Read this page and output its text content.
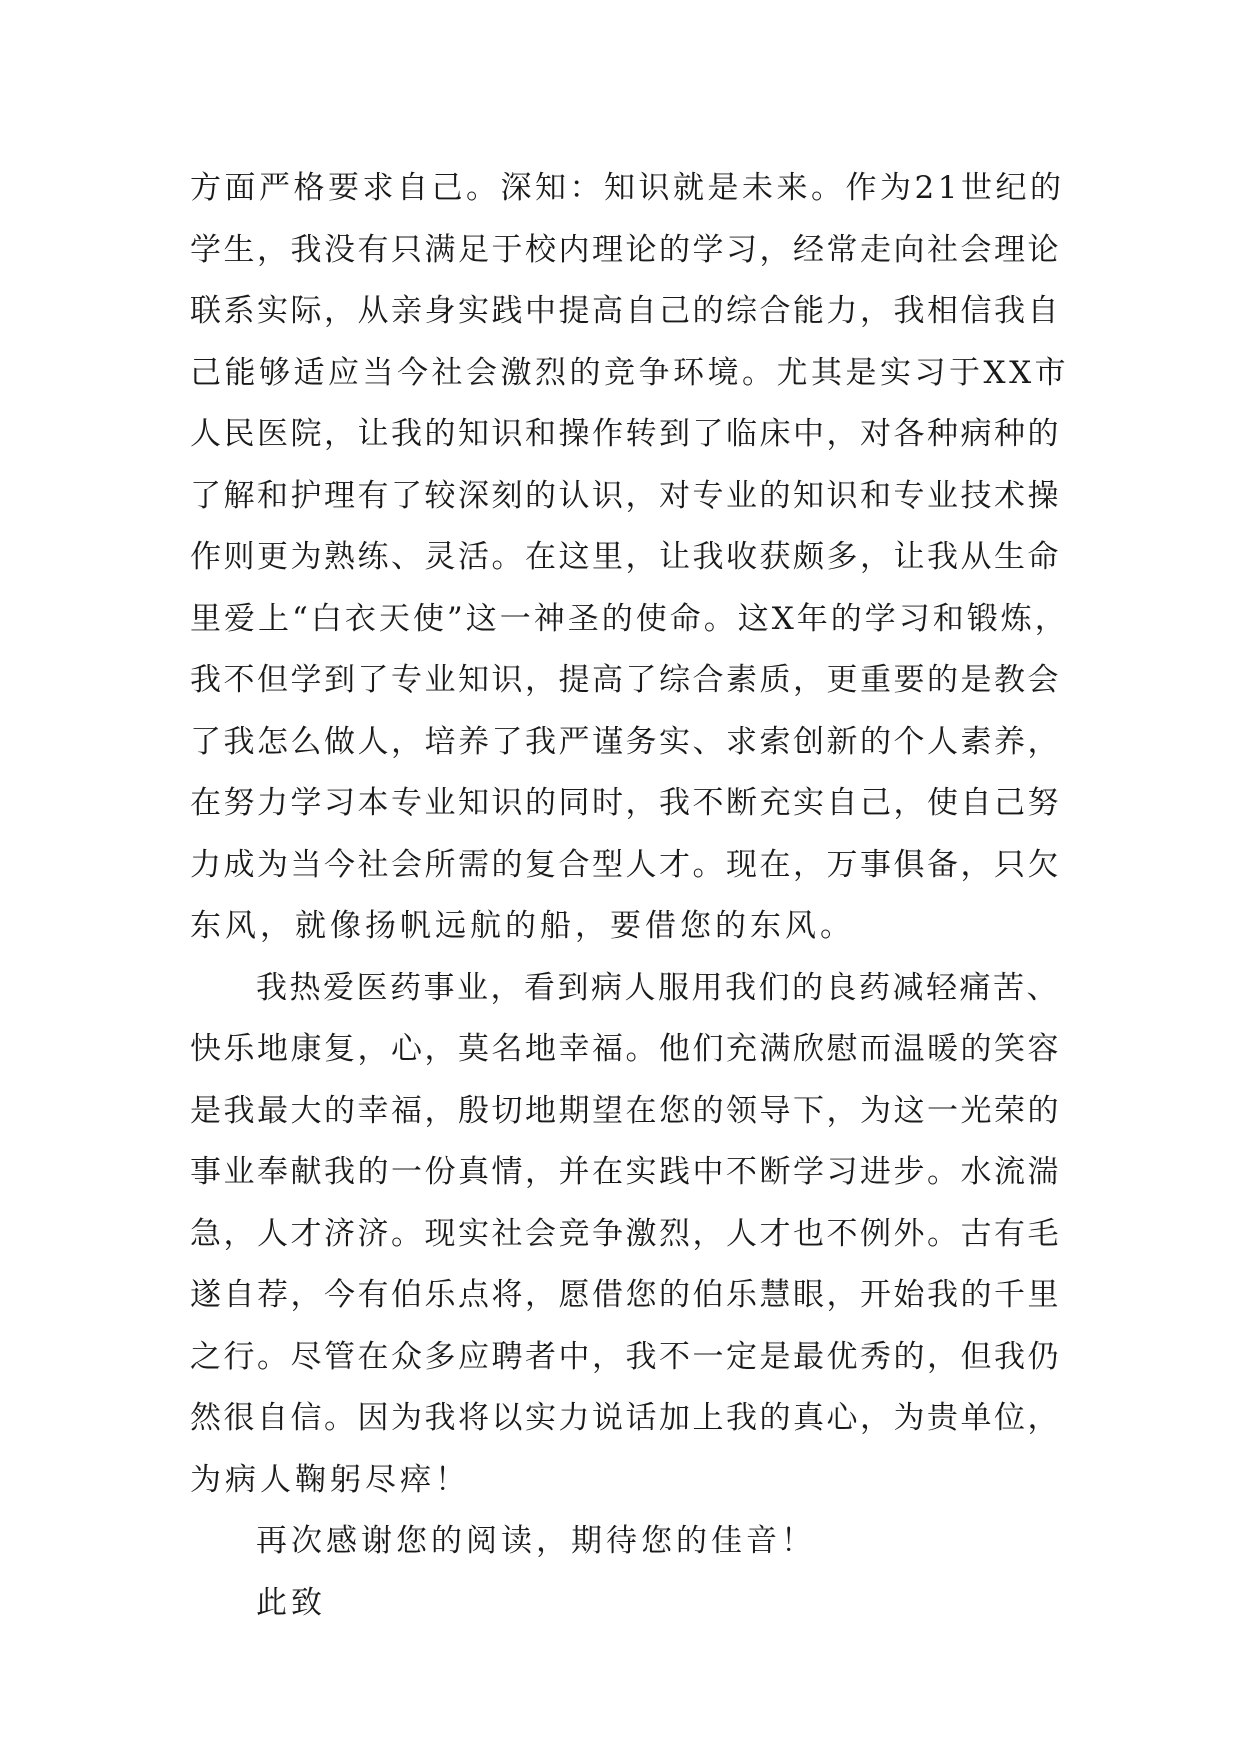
方面严格要求自己。深知：知识就是未来。作为21世纪的
学生，我没有只满足于校内理论的学习，经常走向社会理论
联系实际，从亲身实践中提高自己的综合能力，我相信我自
己能够适应当今社会激烈的竞争环境。尤其是实习于XX市
人民医院，让我的知识和操作转到了临床中，对各种病种的
了解和护理有了较深刻的认识，对专业的知识和专业技术操
作则更为熟练、灵活。在这里，让我收获颇多，让我从生命
里爱上“白衣天使”这一神圣的使命。这X年的学习和锻炼，
我不但学到了专业知识，提高了综合素质，更重要的是教会
了我怎么做人，培养了我严谨务实、求索创新的个人素养，
在努力学习本专业知识的同时，我不断充实自己，使自己努
力成为当今社会所需的复合型人才。现在，万事俱备，只欠
东风，就像扬帆远航的船，要借您的东风。
我热爱医药事业，看到病人服用我们的良药减轻痛苦、
快乐地康复，心，莫名地幸福。他们充满欣慰而温暖的笑容
是我最大的幸福，殷切地期望在您的领导下，为这一光荣的
事业奉献我的一份真情，并在实践中不断学习进步。水流湍
急，人才济济。现实社会竞争激烈，人才也不例外。古有毛
遂自荐，今有伯乐点将，愿借您的伯乐慧眼，开始我的千里
之行。尽管在众多应聘者中，我不一定是最优秀的，但我仍
然很自信。因为我将以实力说话加上我的真心，为贵单位，
为病人鞠躬尽瘁！
再次感谢您的阅读，期待您的佳音！
此致
